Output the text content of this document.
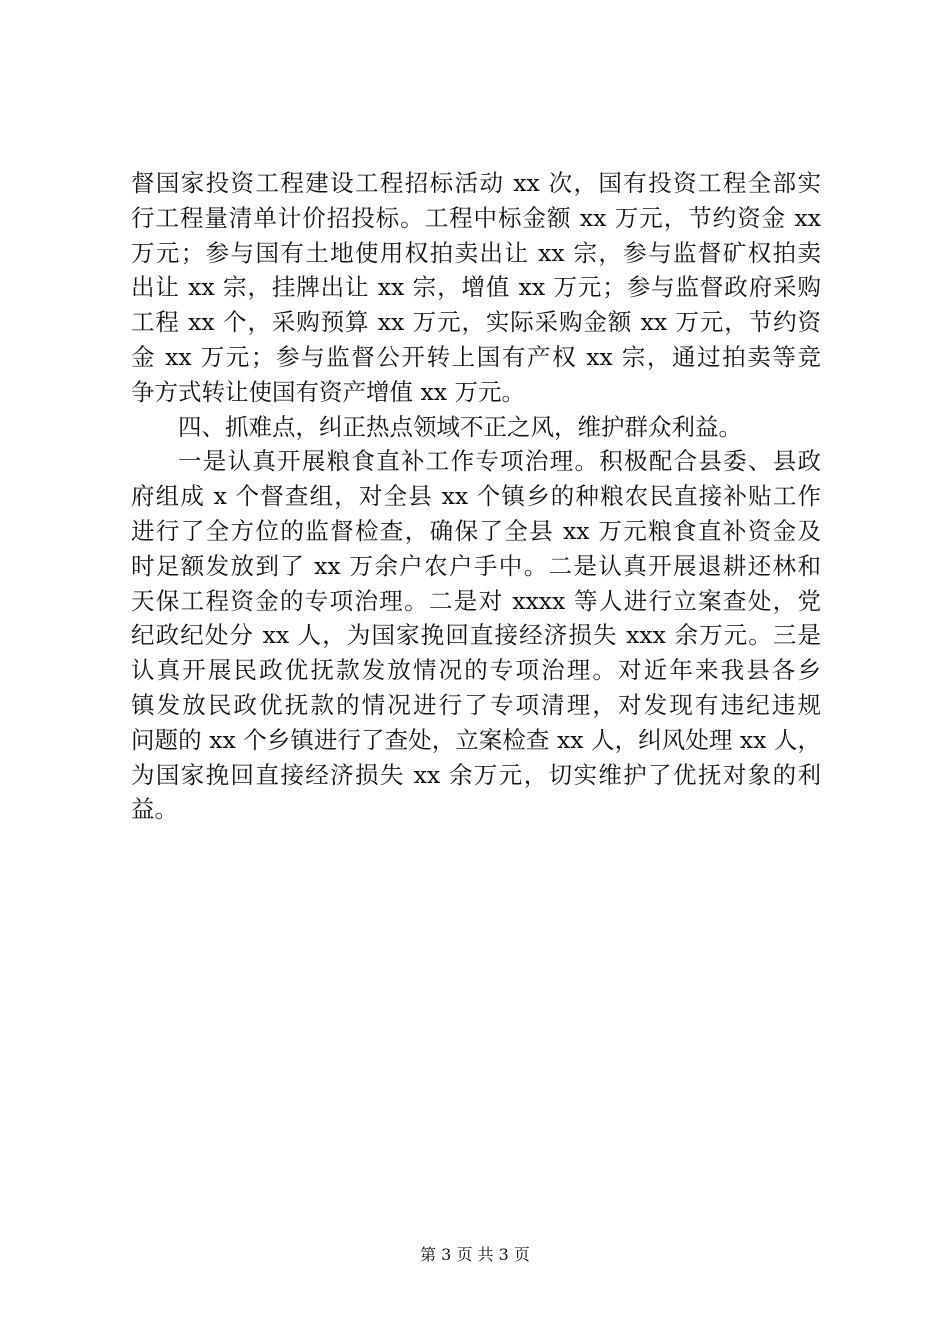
督国家投资工程建设工程招标活动 xx 次，国有投资工程全部实
行工程量清单计价招投标。工程中标金额 xx 万元，节约资金 xx
万元；参与国有土地使用权拍卖出让 xx 宗，参与监督矿权拍卖
出让 xx 宗，挂牌出让 xx 宗，增值 xx 万元；参与监督政府采购
工程 xx 个，采购预算 xx 万元，实际采购金额 xx 万元，节约资
金 xx 万元；参与监督公开转上国有产权 xx 宗，通过拍卖等竞
争方式转让使国有资产增值 xx 万元。
四、抓难点，纠正热点领域不正之风，维护群众利益。
一是认真开展粮食直补工作专项治理。积极配合县委、县政
府组成 x 个督查组，对全县 xx 个镇乡的种粮农民直接补贴工作
进行了全方位的监督检查，确保了全县 xx 万元粮食直补资金及
时足额发放到了 xx 万余户农户手中。二是认真开展退耕还林和
天保工程资金的专项治理。二是对 xxxx 等人进行立案查处，党
纪政纪处分 xx 人，为国家挽回直接经济损失 xxx 余万元。三是
认真开展民政优抚款发放情况的专项治理。对近年来我县各乡
镇发放民政优抚款的情况进行了专项清理，对发现有违纪违规
问题的 xx 个乡镇进行了查处，立案检查 xx 人，纠风处理 xx 人，
为国家挽回直接经济损失 xx 余万元，切实维护了优抚对象的利
益。
第 3 页 共 3 页
